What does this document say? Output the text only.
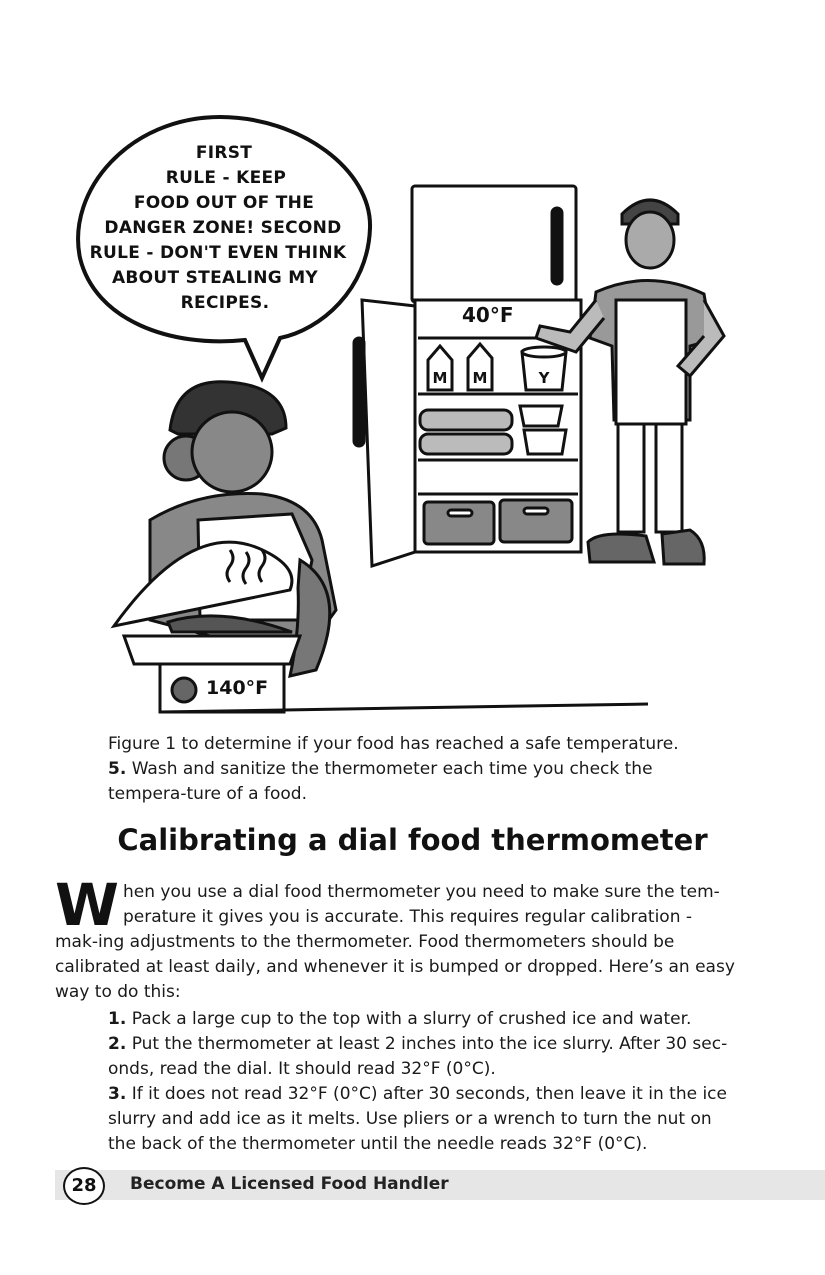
FIRST
RULE - KEEP
FOOD OUT OF THE
DANGER ZONE! SECOND
RULE - DON'T EVEN THINK
ABOUT STEALING MY
RECIPES.
M M	Y
40°F
140°F
Figure 1 to determine if your food has reached a safe temperature.
5. Wash and sanitize the thermometer each time you check the tempera-ture of a food.
Calibrating a dial food thermometer
W hen you use a dial food thermometer you need to make sure the tem-perature it gives you is accurate. This requires regular calibration - mak-ing adjustments to the thermometer. Food thermometers should be calibrated at least daily, and whenever it is bumped or dropped. Here’s an easy way to do this:
1. Pack a large cup to the top with a slurry of crushed ice and water.
2. Put the thermometer at least 2 inches into the ice slurry. After 30 sec-onds, read the dial. It should read 32°F (0°C).
3. If it does not read 32°F (0°C) after 30 seconds, then leave it in the ice slurry and add ice as it melts. Use pliers or a wrench to turn the nut on the back of the thermometer until the needle reads 32°F (0°C).
28	Become A Licensed Food Handler
